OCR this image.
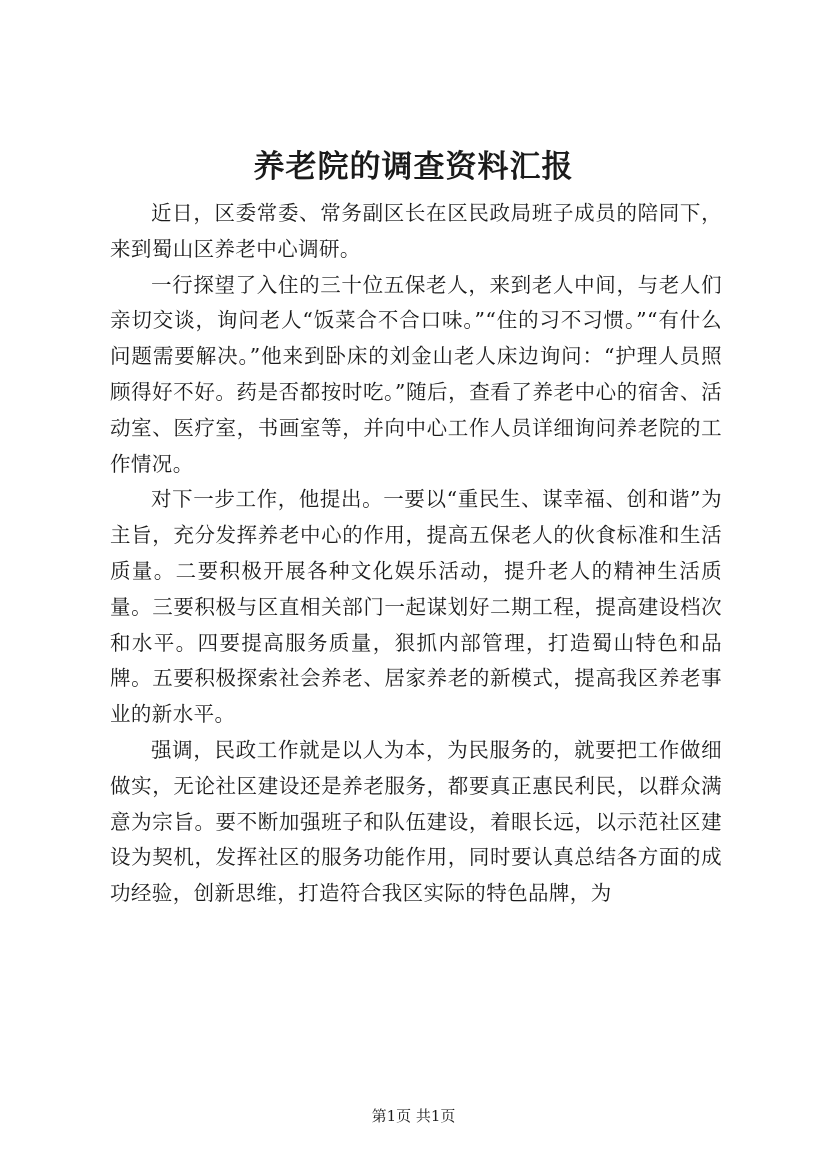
养老院的调查资料汇报

近日，区委常委、常务副区长在区民政局班子成员的陪同下，来到蜀山区养老中心调研。

一行探望了入住的三十位五保老人，来到老人中间，与老人们亲切交谈，询问老人“饭菜合不合口味。”“住的习不习惯。”“有什么问题需要解决。”他来到卧床的刘金山老人床边询问：“护理人员照顾得好不好。药是否都按时吃。”随后，查看了养老中心的宿舍、活动室、医疗室，书画室等，并向中心工作人员详细询问养老院的工作情况。

对下一步工作，他提出。一要以“重民生、谋幸福、创和谐”为主旨，充分发挥养老中心的作用，提高五保老人的伙食标准和生活质量。二要积极开展各种文化娱乐活动，提升老人的精神生活质量。三要积极与区直相关部门一起谋划好二期工程，提高建设档次和水平。四要提高服务质量，狠抓内部管理，打造蜀山特色和品牌。五要积极探索社会养老、居家养老的新模式，提高我区养老事业的新水平。

强调，民政工作就是以人为本，为民服务的，就要把工作做细做实，无论社区建设还是养老服务，都要真正惠民利民，以群众满意为宗旨。要不断加强班子和队伍建设，着眼长远，以示范社区建设为契机，发挥社区的服务功能作用，同时要认真总结各方面的成功经验，创新思维，打造符合我区实际的特色品牌，为

第1页 共1页
